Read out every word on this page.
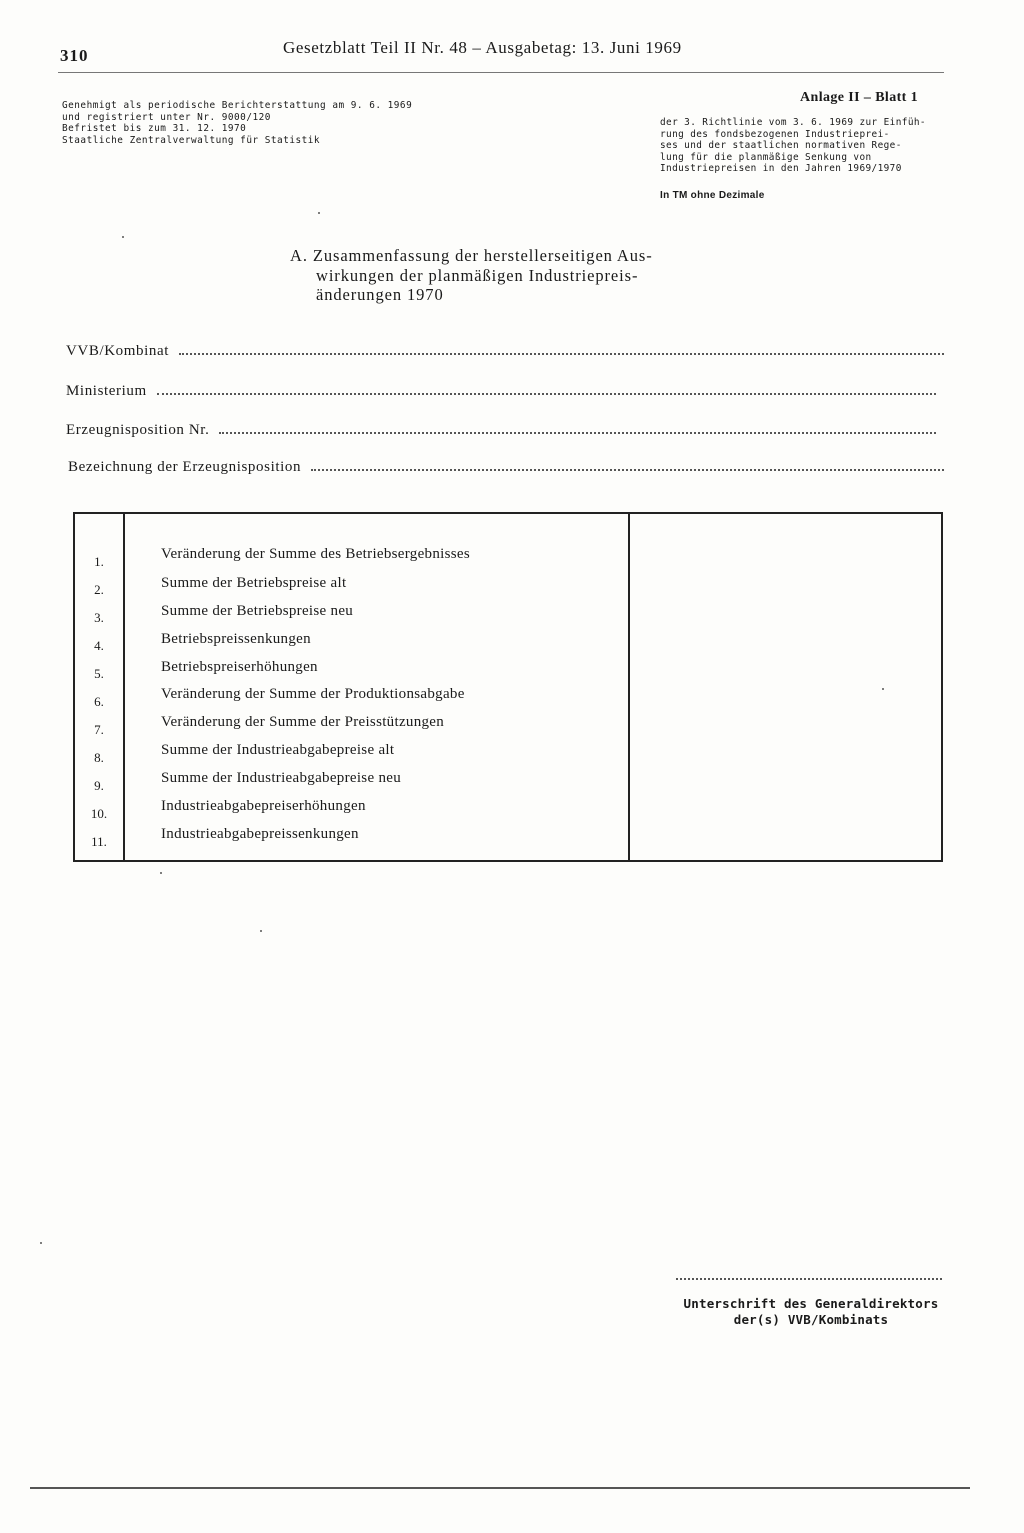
310	Gesetzblatt Teil II Nr. 48 – Ausgabetag: 13. Juni 1969
Genehmigt als periodische Berichterstattung am 9. 6. 1969
und registriert unter Nr. 9000/120
Befristet bis zum 31. 12. 1970
Staatliche Zentralverwaltung für Statistik
Anlage II – Blatt 1
der 3. Richtlinie vom 3. 6. 1969 zur Einfüh-
rung des fondsbezogenen Industrieprei-
ses und der staatlichen normativen Rege-
lung für die planmäßige Senkung von
Industriepreisen in den Jahren 1969/1970
In TM ohne Dezimale
A. Zusammenfassung der herstellerseitigen Aus-
wirkungen der planmäßigen Industriepreis-
änderungen 1970
VVB/Kombinat
Ministerium
Erzeugnisposition Nr.
Bezeichnung der Erzeugnisposition
1.	Veränderung der Summe des Betriebsergebnisses
2.	Summe der Betriebspreise alt
3.	Summe der Betriebspreise neu
4.	Betriebspreissenkungen
5.	Betriebspreiserhöhungen
6.	Veränderung der Summe der Produktionsabgabe
7.	Veränderung der Summe der Preisstützungen
8.	Summe der Industrieabgabepreise alt
9.	Summe der Industrieabgabepreise neu
10.	Industrieabgabepreiserhöhungen
11.	Industrieabgabepreissenkungen
Unterschrift des Generaldirektors
der(s) VVB/Kombinats
